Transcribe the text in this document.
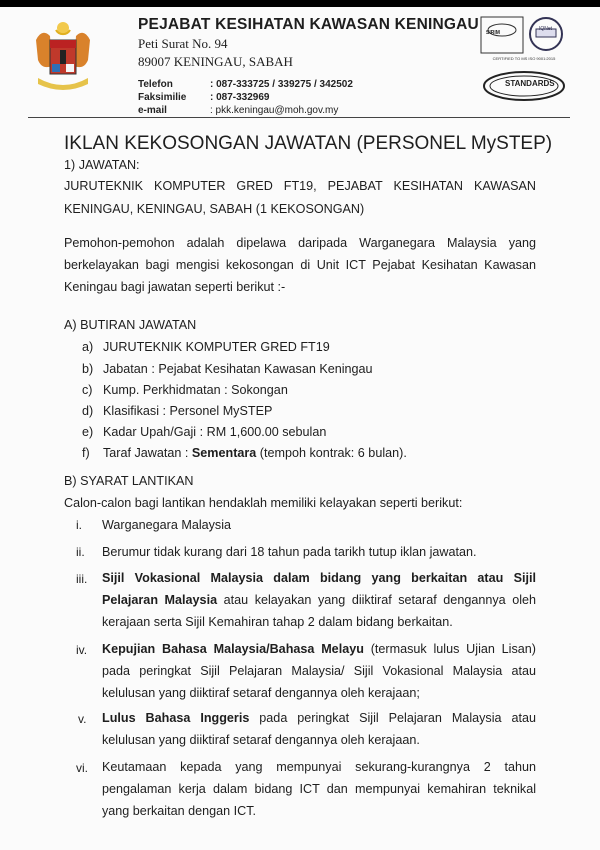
PEJABAT KESIHATAN KAWASAN KENINGAU
Peti Surat No. 94
89007 KENINGAU, SABAH
Telefon	: 087-333725 / 339275 / 342502
Faksimilie : 087-332969
e-mail	: pkk.keningau@moh.gov.my
SIRIM
IQNet
CERTIFIED TO MS ISO 9001:2015
STANDARDS
IKLAN KEKOSONGAN JAWATAN (PERSONEL MySTEP)
1) JAWATAN:
JURUTEKNIK KOMPUTER GRED FT19, PEJABAT KESIHATAN KAWASAN
KENINGAU, KENINGAU, SABAH (1 KEKOSONGAN)
Pemohon-pemohon adalah dipelawa daripada Warganegara Malaysia yang berkelayakan bagi mengisi kekosongan di Unit ICT Pejabat Kesihatan Kawasan Keningau bagi jawatan seperti berikut :-
A) BUTIRAN JAWATAN
B) SYARAT LANTIKAN
Calon-calon bagi lantikan hendaklah memiliki kelayakan seperti berikut:
a) JURUTEKNIK KOMPUTER GRED FT19
b) Jabatan : Pejabat Kesihatan Kawasan Keningau
c) Kump. Perkhidmatan : Sokongan
d) Klasifikasi : Personel MySTEP
e) Kadar Upah/Gaji : RM 1,600.00 sebulan
f) Taraf Jawatan : Sementara (tempoh kontrak: 6 bulan).
i. Warganegara Malaysia
ii. Berumur tidak kurang dari 18 tahun pada tarikh tutup iklan jawatan.
iii. Sijil Vokasional Malaysia dalam bidang yang berkaitan atau Sijil Pelajaran Malaysia atau kelayakan yang diiktiraf setaraf dengannya oleh kerajaan serta Sijil Kemahiran tahap 2 dalam bidang berkaitan.
iv. Kepujian Bahasa Malaysia/Bahasa Melayu (termasuk lulus Ujian Lisan) pada peringkat Sijil Pelajaran Malaysia/ Sijil Vokasional Malaysia atau kelulusan yang diiktiraf setaraf dengannya oleh kerajaan;
v. Lulus Bahasa Inggeris pada peringkat Sijil Pelajaran Malaysia atau kelulusan yang diiktiraf setaraf dengannya oleh kerajaan.
vi. Keutamaan kepada yang mempunyai sekurang-kurangnya 2 tahun pengalaman kerja dalam bidang ICT dan mempunyai kemahiran teknikal yang berkaitan dengan ICT.
